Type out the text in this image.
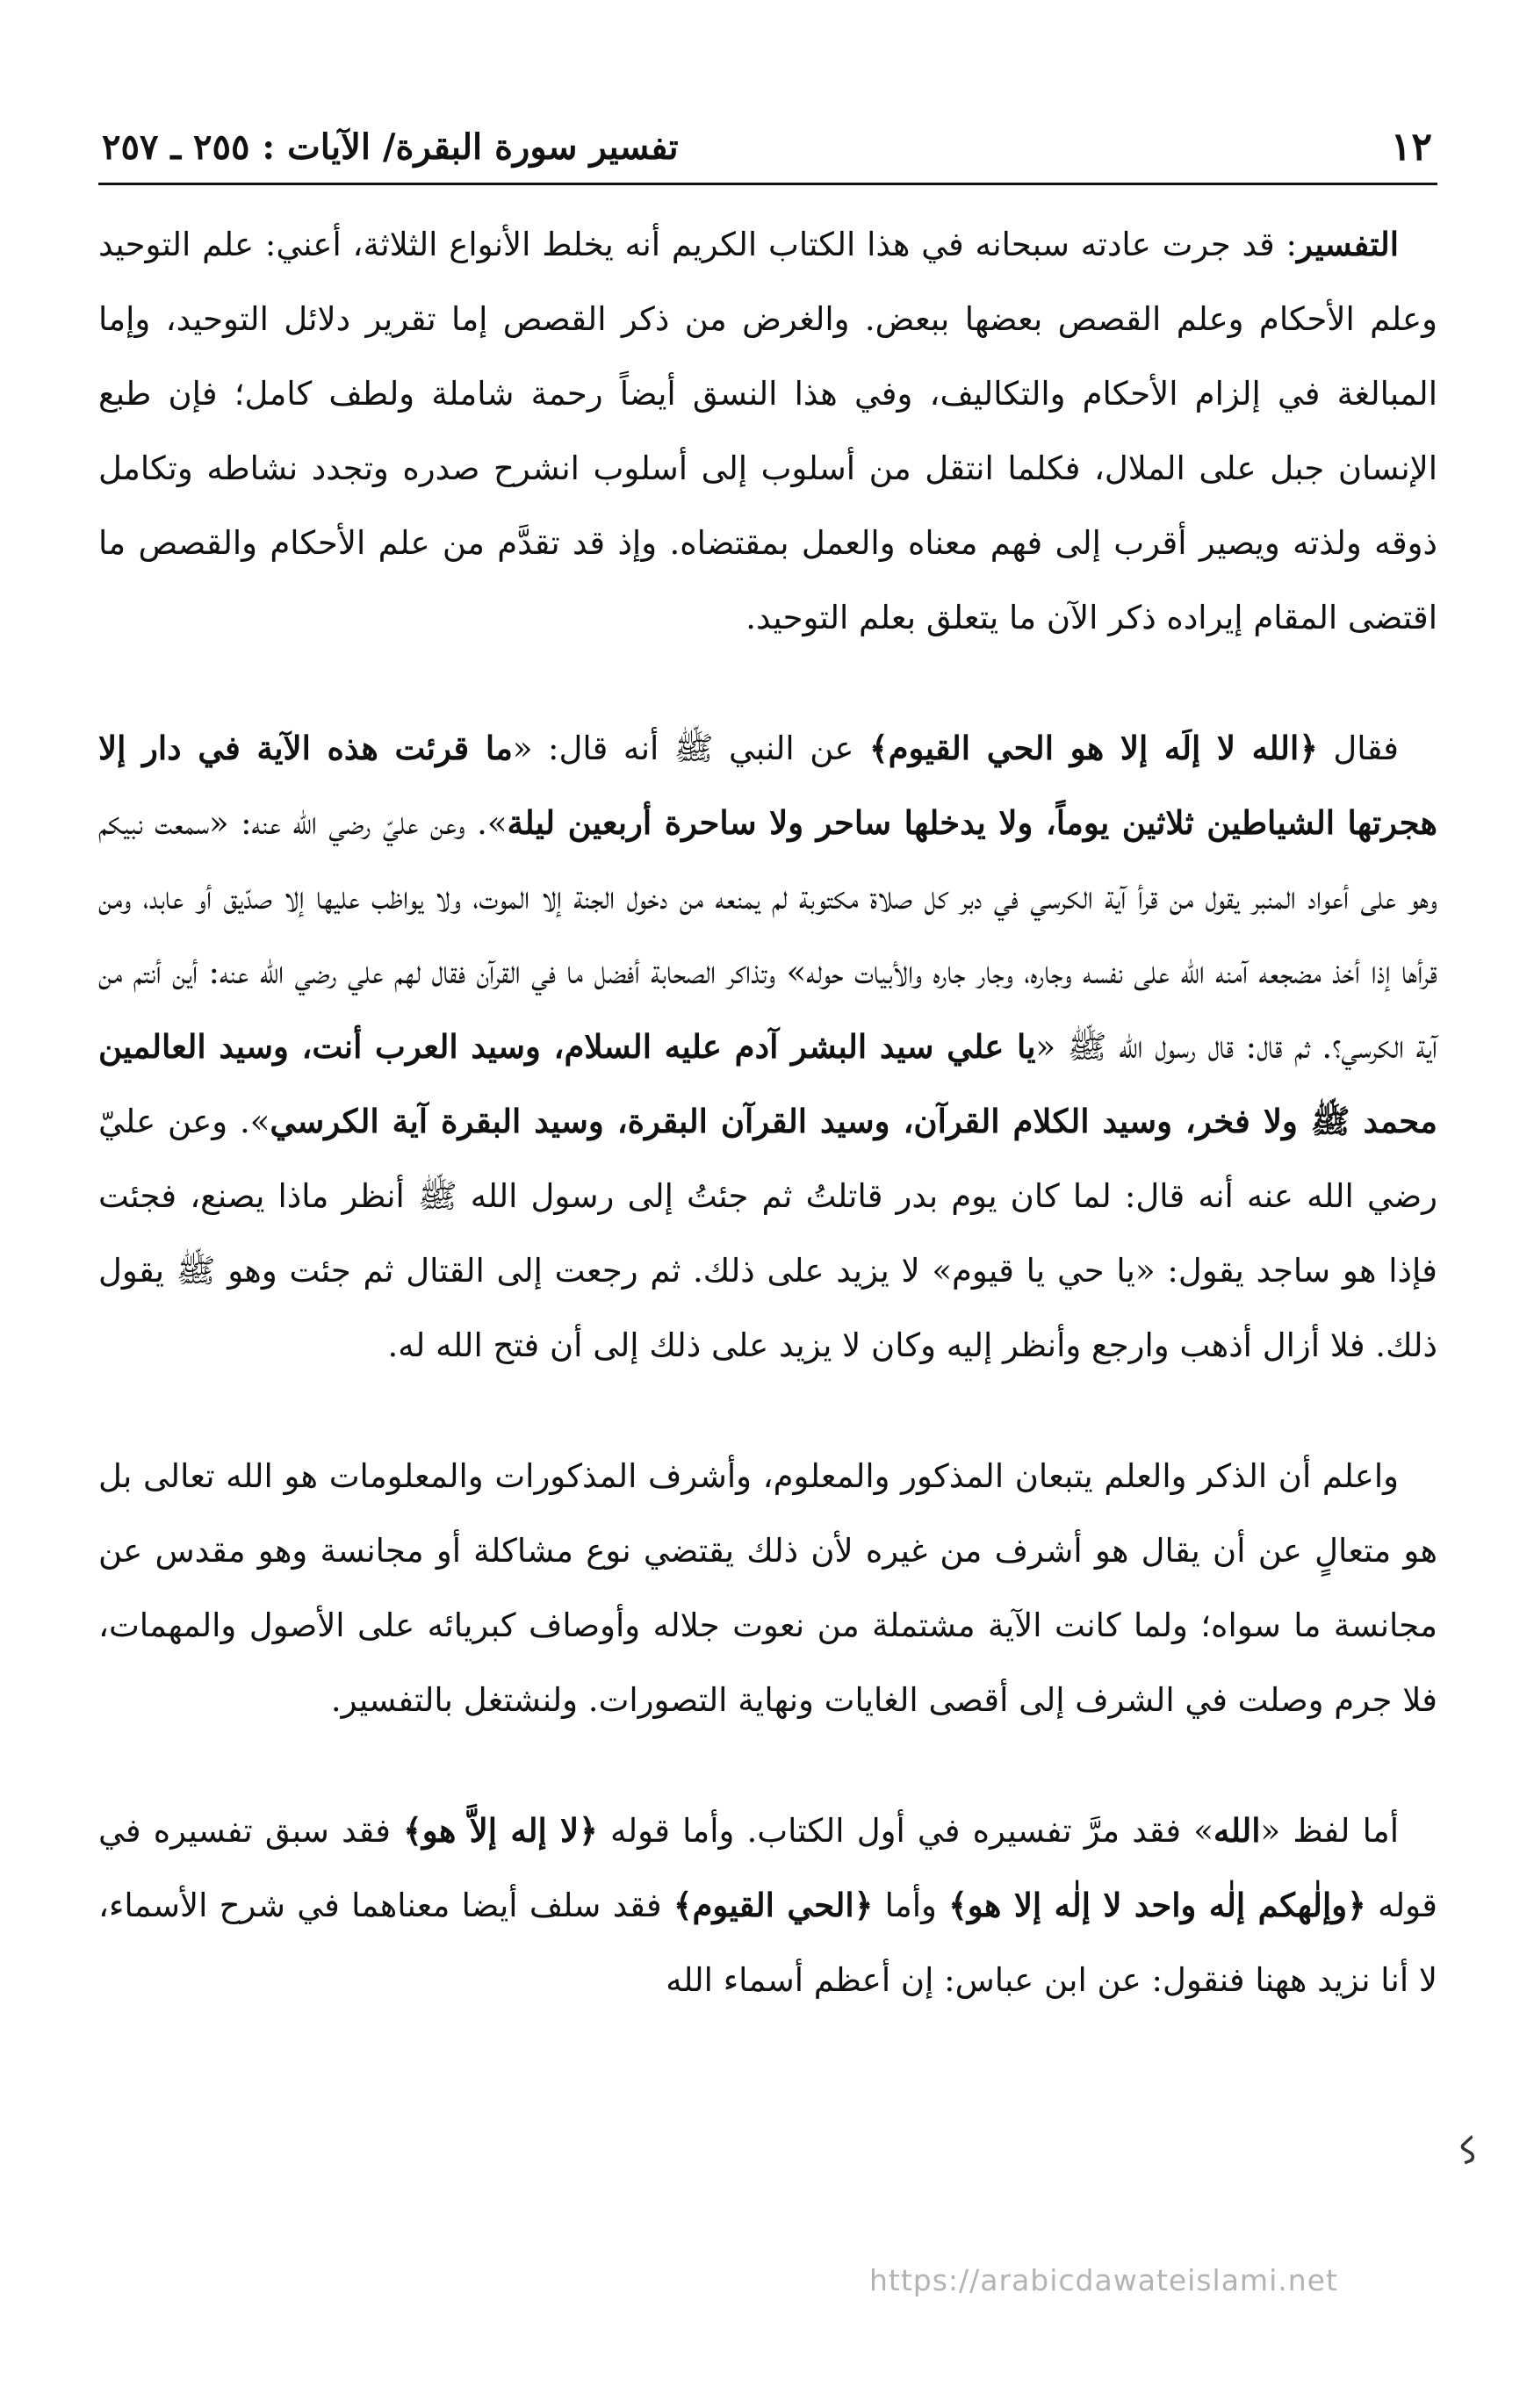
١٢
تفسير سورة البقرة/ الآيات : ٢٥٥ ـ ٢٥٧

التفسير: قد جرت عادته سبحانه في هذا الكتاب الكريم أنه يخلط الأنواع الثلاثة، أعني: علم التوحيد وعلم الأحكام وعلم القصص بعضها ببعض. والغرض من ذكر القصص إما تقرير دلائل التوحيد، وإما المبالغة في إلزام الأحكام والتكاليف، وفي هذا النسق أيضاً رحمة شاملة ولطف كامل؛ فإن طبع الإنسان جبل على الملال، فكلما انتقل من أسلوب إلى أسلوب انشرح صدره وتجدد نشاطه وتكامل ذوقه ولذته ويصير أقرب إلى فهم معناه والعمل بمقتضاه. وإذ قد تقدَّم من علم الأحكام والقصص ما اقتضى المقام إيراده ذكر الآن ما يتعلق بعلم التوحيد.

فقال ﴿الله لا إلَه إلا هو الحي القيوم﴾ عن النبي ﷺ أنه قال: «ما قرئت هذه الآية في دار إلا هجرتها الشياطين ثلاثين يوماً، ولا يدخلها ساحر ولا ساحرة أربعين ليلة». وعن عليّ رضي الله عنه: «سمعت نبيكم وهو على أعواد المنبر يقول من قرأ آية الكرسي في دبر كل صلاة مكتوبة لم يمنعه من دخول الجنة إلا الموت، ولا يواظب عليها إلا صدّيق أو عابد، ومن قرأها إذا أخذ مضجعه آمنه الله على نفسه وجاره، وجار جاره والأبيات حوله» وتذاكر الصحابة أفضل ما في القرآن فقال لهم علي رضي الله عنه: أين أنتم من آية الكرسي؟. ثم قال: قال رسول الله ﷺ «يا علي سيد البشر آدم عليه السلام، وسيد العرب أنت، وسيد العالمين محمد ﷺ ولا فخر، وسيد الكلام القرآن، وسيد القرآن البقرة، وسيد البقرة آية الكرسي». وعن عليّ رضي الله عنه أنه قال: لما كان يوم بدر قاتلتُ ثم جئتُ إلى رسول الله ﷺ أنظر ماذا يصنع، فجئت فإذا هو ساجد يقول: «يا حي يا قيوم» لا يزيد على ذلك. ثم رجعت إلى القتال ثم جئت وهو ﷺ يقول ذلك. فلا أزال أذهب وارجع وأنظر إليه وكان لا يزيد على ذلك إلى أن فتح الله له.

واعلم أن الذكر والعلم يتبعان المذكور والمعلوم، وأشرف المذكورات والمعلومات هو الله تعالى بل هو متعالٍ عن أن يقال هو أشرف من غيره لأن ذلك يقتضي نوع مشاكلة أو مجانسة وهو مقدس عن مجانسة ما سواه؛ ولما كانت الآية مشتملة من نعوت جلاله وأوصاف كبريائه على الأصول والمهمات، فلا جرم وصلت في الشرف إلى أقصى الغايات ونهاية التصورات. ولنشتغل بالتفسير.

أما لفظ «الله» فقد مرَّ تفسيره في أول الكتاب. وأما قوله ﴿لا إله إلاَّ هو﴾ فقد سبق تفسيره في قوله ﴿وإلٰهكم إلٰه واحد لا إلٰه إلا هو﴾ وأما ﴿الحي القيوم﴾ فقد سلف أيضا معناهما في شرح الأسماء، لا أنا نزيد ههنا فنقول: عن ابن عباس: إن أعظم أسماء الله

ﻛ
https://arabicdawateislami.net
